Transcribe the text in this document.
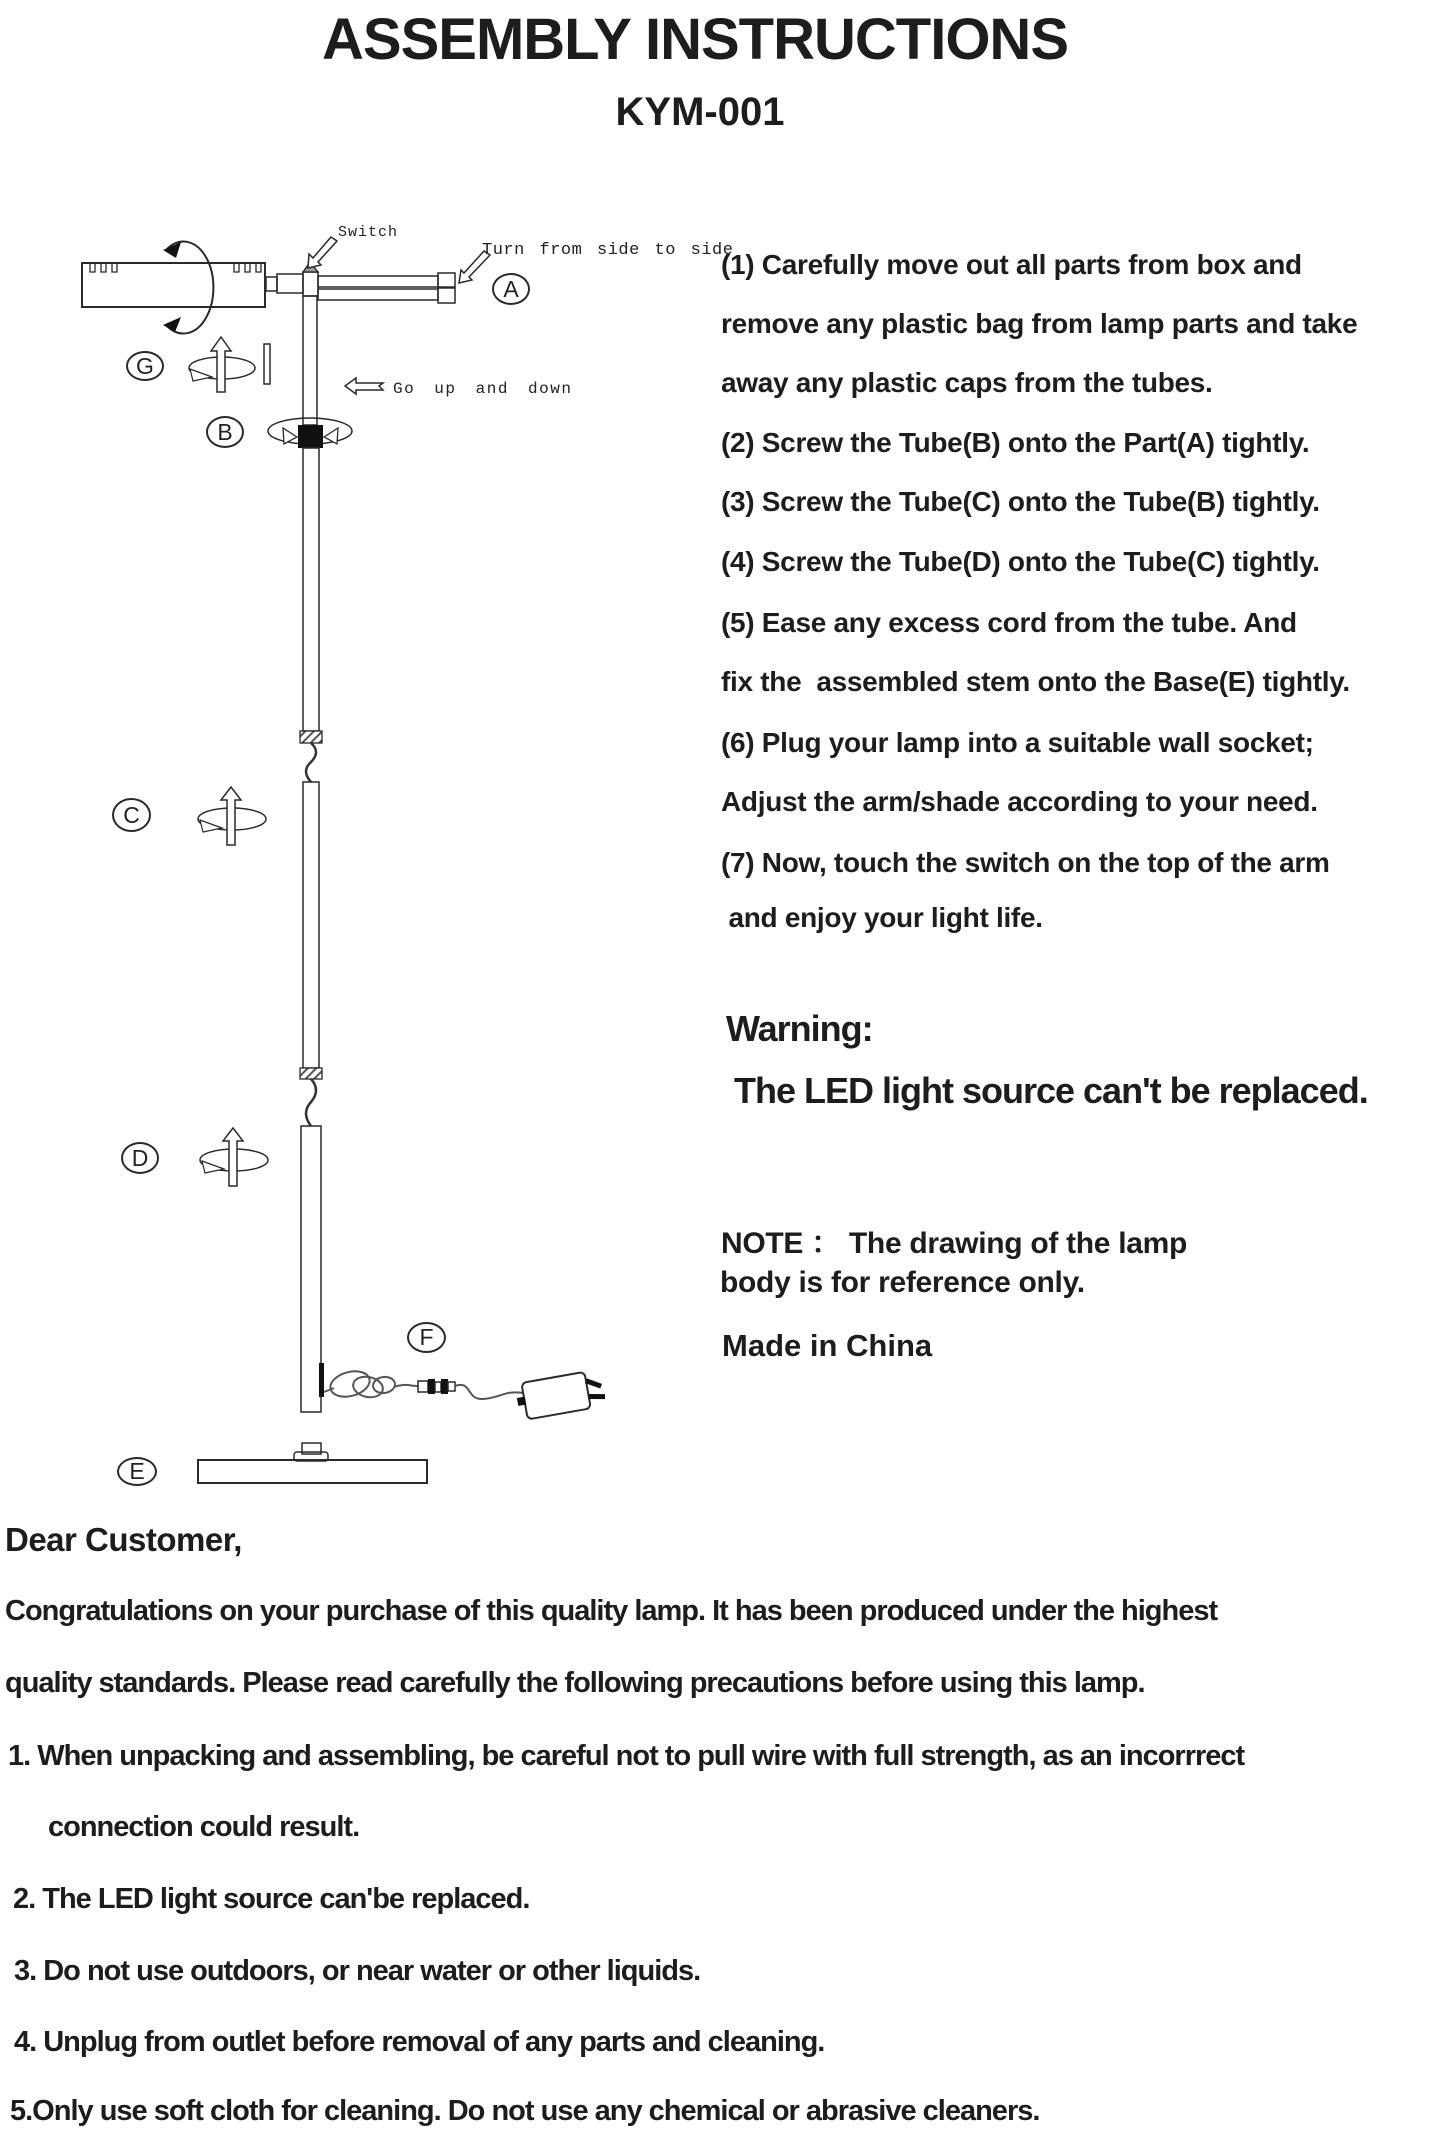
ASSEMBLY INSTRUCTIONS
KYM-001
Switch
Turn from side to side
Go up and down
G
B
A
C
D
F
E
(1) Carefully move out all parts from box and
remove any plastic bag from lamp parts and take
away any plastic caps from the tubes.
(2) Screw the Tube(B) onto the Part(A) tightly.
(3) Screw the Tube(C) onto the Tube(B) tightly.
(4) Screw the Tube(D) onto the Tube(C) tightly.
(5) Ease any excess cord from the tube. And
fix the  assembled stem onto the Base(E) tightly.
(6) Plug your lamp into a suitable wall socket;
Adjust the arm/shade according to your need.
(7) Now, touch the switch on the top of the arm
and enjoy your light life.
Warning:
The LED light source can't be replaced.
NOTE ： The drawing of the lamp
body is for reference only.
Made in China
Dear Customer,
Congratulations on your purchase of this quality lamp. It has been produced under the highest
quality standards. Please read carefully the following precautions before using this lamp.
1. When unpacking and assembling, be careful not to pull wire with full strength, as an incorrrect
connection could result.
2. The LED light source can'be replaced.
3. Do not use outdoors, or near water or other liquids.
4. Unplug from outlet before removal of any parts and cleaning.
5.Only use soft cloth for cleaning. Do not use any chemical or abrasive cleaners.
